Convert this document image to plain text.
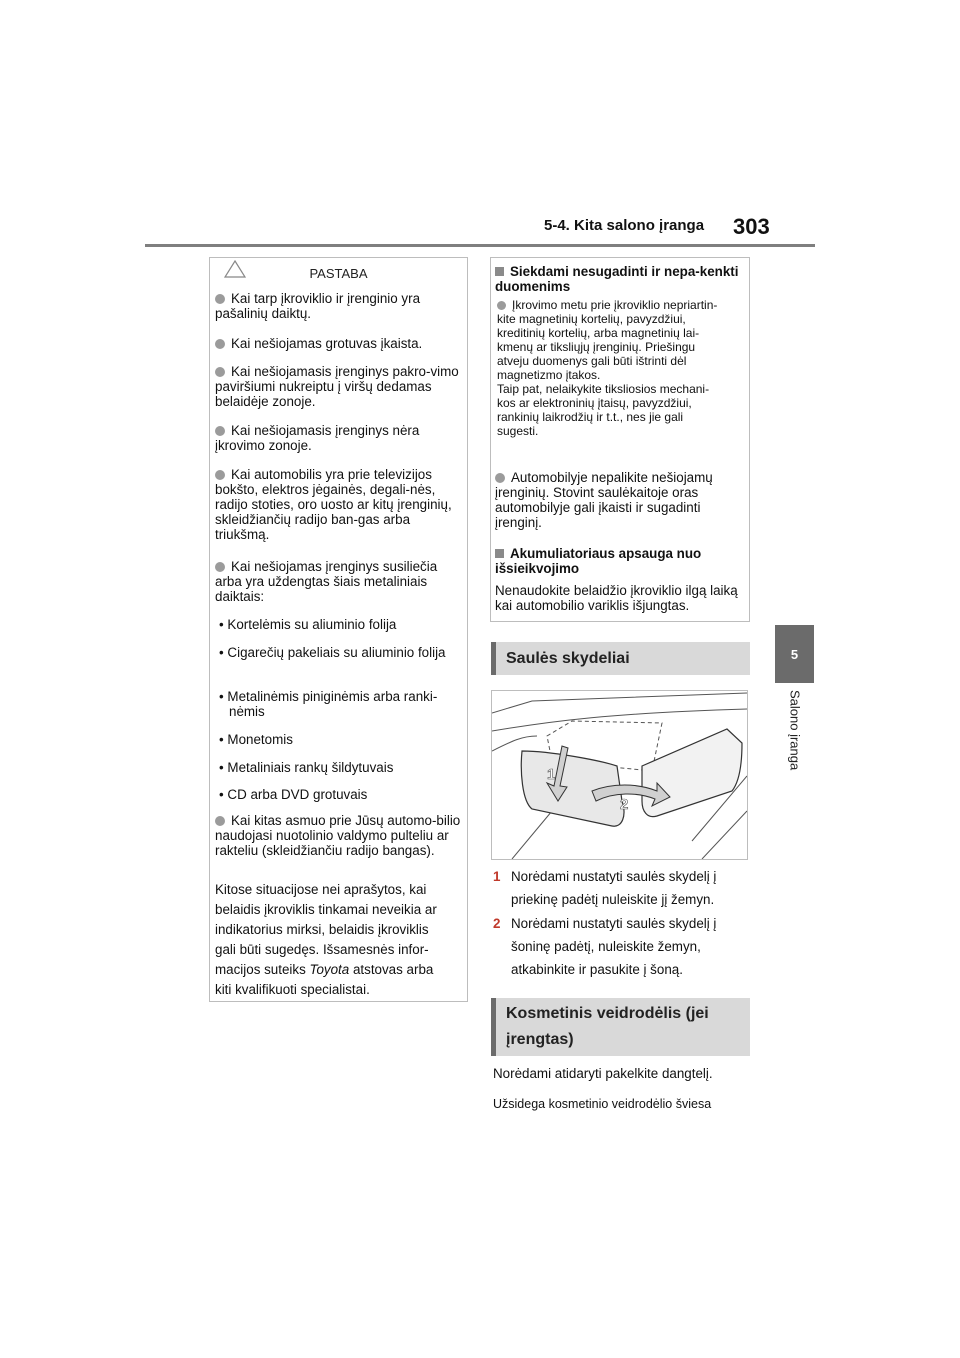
5-4. Kita salono įranga 303
5
Salono įranga
PASTABA
Kai tarp įkroviklio ir įrenginio yra pašalinių daiktų.
Kai nešiojamas grotuvas įkaista.
Kai nešiojamasis įrenginys pakro-vimo paviršiumi nukreiptu į viršų dedamas belaidėje zonoje.
Kai nešiojamasis įrenginys nėra įkrovimo zonoje.
Kai automobilis yra prie televizijos bokšto, elektros jėgainės, degali-nės, radijo stoties, oro uosto ar kitų įrenginių, skleidžiančių radijo ban-gas arba triukšmą.
Kai nešiojamas įrenginys susiliečia arba yra uždengtas šiais metaliniais daiktais:
• Kortelėmis su aliuminio folija
• Cigarečių pakeliais su aliuminio folija
• Metalinėmis piniginėmis arba ranki-nėmis
• Monetomis
• Metaliniais rankų šildytuvais
• CD arba DVD grotuvais
Kai kitas asmuo prie Jūsų automo-bilio naudojasi nuotolinio valdymo pulteliu ar rakteliu (skleidžiančiu radijo bangas).
Kitose situacijose nei aprašytos, kai
belaidis įkroviklis tinkamai neveikia ar
indikatorius mirksi, belaidis įkroviklis
gali būti sugedęs. Išsamesnės infor-
macijos suteiks Toyota atstovas arba
kiti kvalifikuoti specialistai.
Siekdami nesugadinti ir nepa-kenkti duomenims
Įkrovimo metu prie įkroviklio nepriartin-
kite magnetinių kortelių, pavyzdžiui,
kreditinių kortelių, arba magnetinių lai-
kmenų ar tiksliųjų įrenginių. Priešingu
atveju duomenys gali būti ištrinti dėl
magnetizmo įtakos.
Taip pat, nelaikykite tiksliosios mechani-
kos ar elektroninių įtaisų, pavyzdžiui,
rankinių laikrodžių ir t.t., nes jie gali
sugesti.
Automobilyje nepalikite nešiojamų įrenginių. Stovint saulėkaitoje oras automobilyje gali įkaisti ir sugadinti įrenginį.
Akumuliatoriaus apsauga nuo išsieikvojimo
Nenaudokite belaidžio įkroviklio ilgą laiką kai automobilio variklis išjungtas.
Saulės skydeliai
1
2
1 Norėdami nustatyti saulės skydelį į
priekinę padėtį nuleiskite jį žemyn.
2 Norėdami nustatyti saulės skydelį į
šoninę padėtį, nuleiskite žemyn,
atkabinkite ir pasukite į šoną.
Kosmetinis veidrodėlis (jei
įrengtas)
Norėdami atidaryti pakelkite dangtelį.
Užsidega kosmetinio veidrodėlio šviesa
